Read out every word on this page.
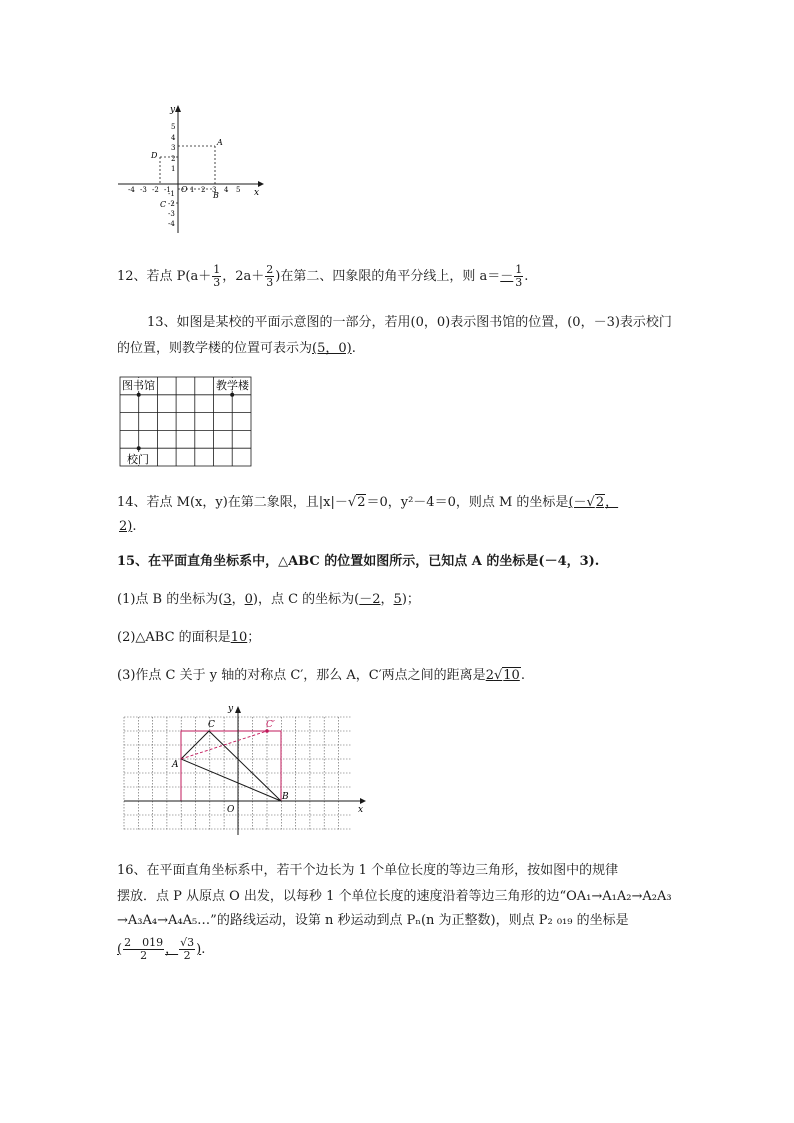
y
x
O
5
4
3
2
1
-1
-2
-3
-4
-4 -3 -2 -1	1 2 3 4 5
A
D
B
C
12、若点 $P(a+ \frac{1}{3}$ ，$2a+ \frac{2}{3}$ )在第二、四象限的角平分线上，则 $a=- \frac{1}{3}$ .
13、如图是某校的平面示意图的一部分，若用(0，0)表示图书馆的位置，(0，－3)表示校门的位置，则教学楼的位置可表示为(5，0).
图书馆	教学楼
校门
14、若点 M(x，y)在第二象限，且|x|－√2＝0，y²－4＝0，则点 M 的坐标是(－√2，
2).
15、在平面直角坐标系中，△ABC 的位置如图所示，已知点 A 的坐标是(－4，3).
(1)点 B 的坐标为(3，0)，点 C 的坐标为(－2，5)；
(2)△ABC 的面积是10；
(3)作点 C 关于 y 轴的对称点 C′，那么 A，C′两点之间的距离是2√10.
A
B
C	C′
O	x
y
16、在平面直角坐标系中，若干个边长为 1 个单位长度的等边三角形，按如图中的规律
摆放．点 P 从原点 O 出发，以每秒 1 个单位长度的速度沿着等边三角形的边“OA₁→A₁A₂→A₂A₃
→A₃A₄→A₄A₅…”的路线运动，设第 n 秒运动到点 Pₙ(n 为正整数)，则点 P₂ ₀₁₉ 的坐标是
( $\frac{2 019}{2}$ ， $\frac{√3}{2}$ ).
